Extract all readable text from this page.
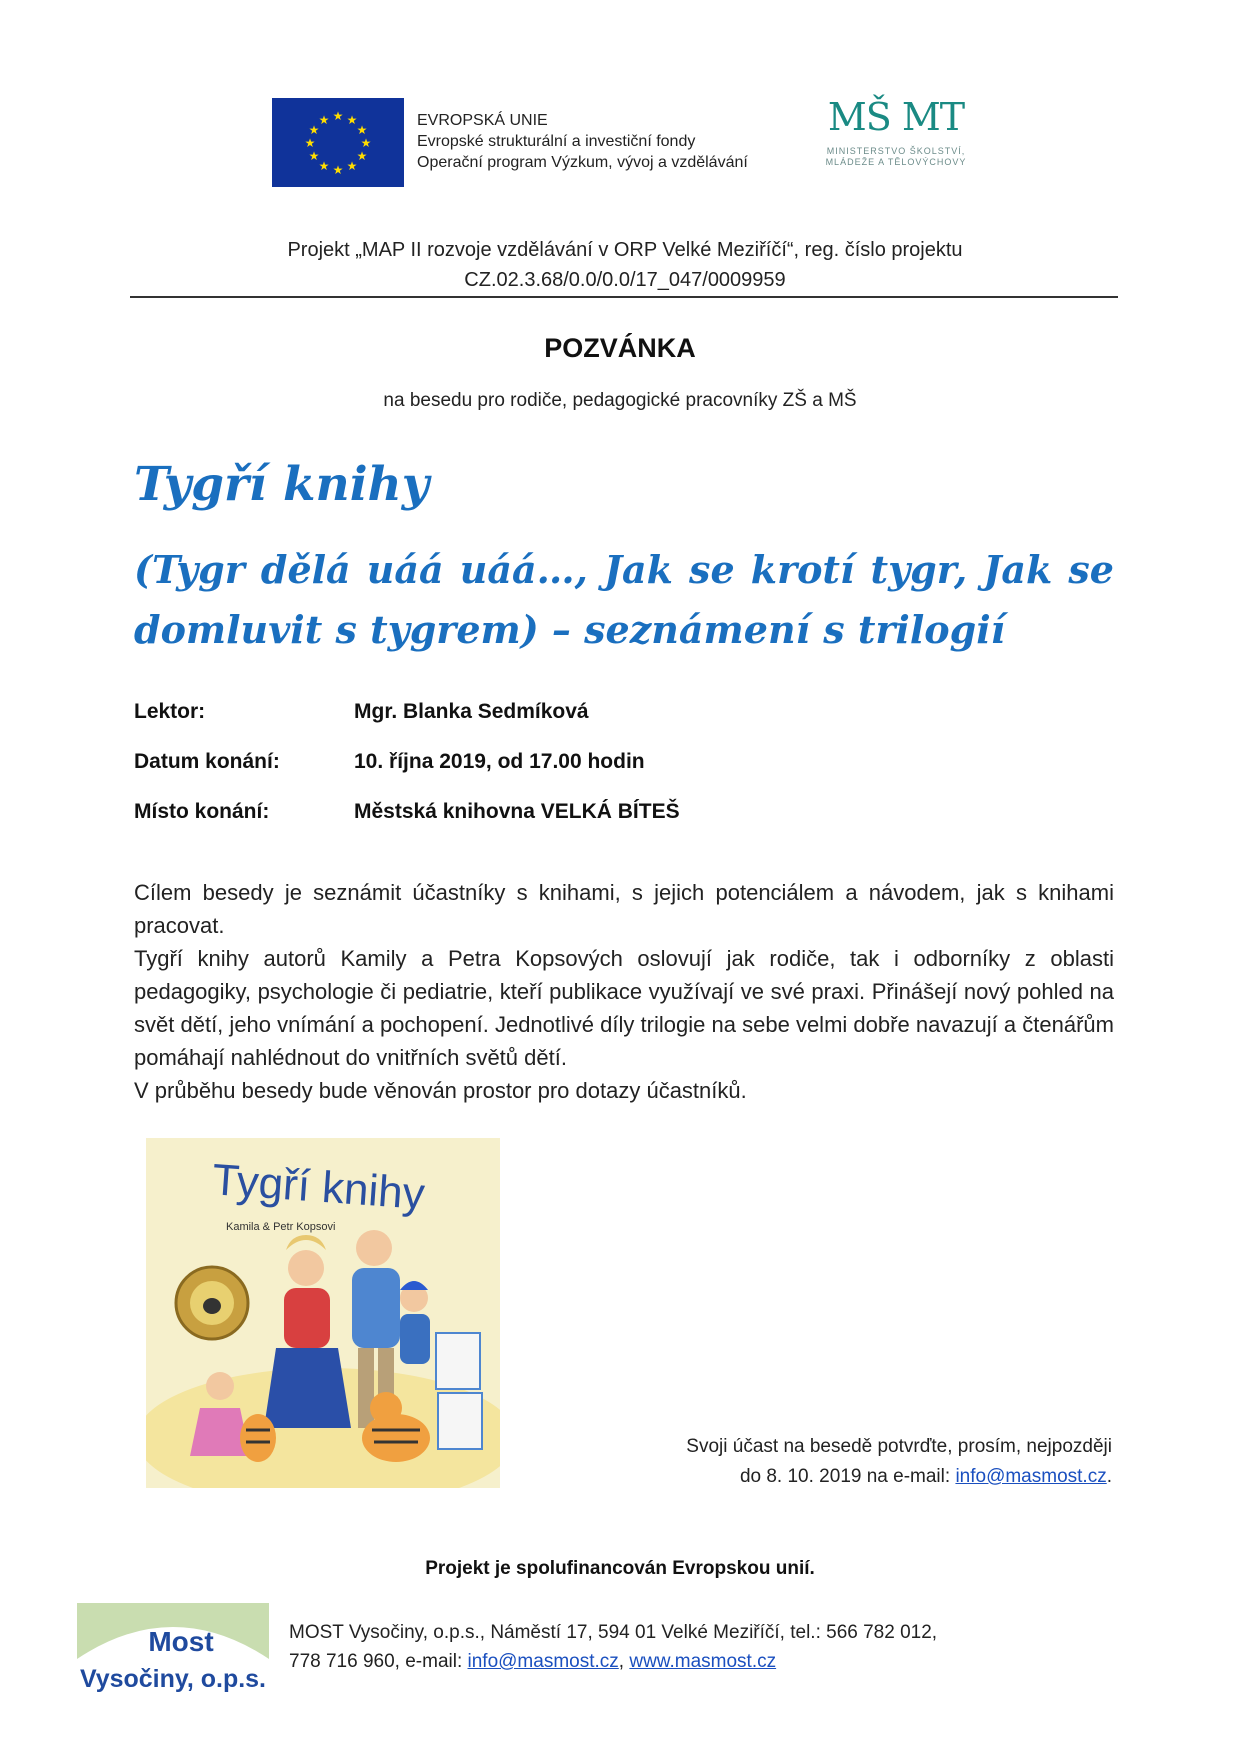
★ ★
★
★
★
★
★
★
★
★
★
★	EVROPSKÁ UNIE
Evropské strukturální a investiční fondy
Operační program Výzkum, vývoj a vzdělávání
MŠ MT
MINISTERSTVO ŠKOLSTVÍ,
MLÁDEŽE A TĚLOVÝCHOVY
Projekt „MAP II rozvoje vzdělávání v ORP Velké Meziříčí“, reg. číslo projektu
CZ.02.3.68/0.0/0.0/17_047/0009959
POZVÁNKA
na besedu pro rodiče, pedagogické pracovníky ZŠ a MŠ
Tygří knihy
(Tygr dělá uáá uáá…, Jak se krotí tygr, Jak se
domluvit s tygrem) – seznámení s trilogií
Lektor:	Mgr. Blanka Sedmíková
Datum konání:	10. října 2019, od 17.00 hodin
Místo konání:	Městská knihovna VELKÁ BÍTEŠ

Cílem besedy je seznámit účastníky s knihami, s jejich potenciálem a návodem, jak s knihami pracovat.

Tygří knihy autorů Kamily a Petra Kopsových oslovují jak rodiče, tak i odborníky z oblasti pedagogiky, psychologie či pediatrie, kteří publikace využívají ve své praxi. Přinášejí nový pohled na svět dětí, jeho vnímání a pochopení. Jednotlivé díly trilogie na sebe velmi dobře navazují a čtenářům pomáhají nahlédnout do vnitřních světů dětí.

V průběhu besedy bude věnován prostor pro dotazy účastníků.

Tygří knihy
Kamila & Petr Kopsovi
Svoji účast na besedě potvrďte, prosím, nejpozději
do 8. 10. 2019 na e-mail: info@masmost.cz.
Projekt je spolufinancován Evropskou unií.
Most
Vysočiny, o.p.s.
MOST Vysočiny, o.p.s., Náměstí 17, 594 01 Velké Meziříčí, tel.: 566 782 012,
778 716 960, e-mail: info@masmost.cz, www.masmost.cz
